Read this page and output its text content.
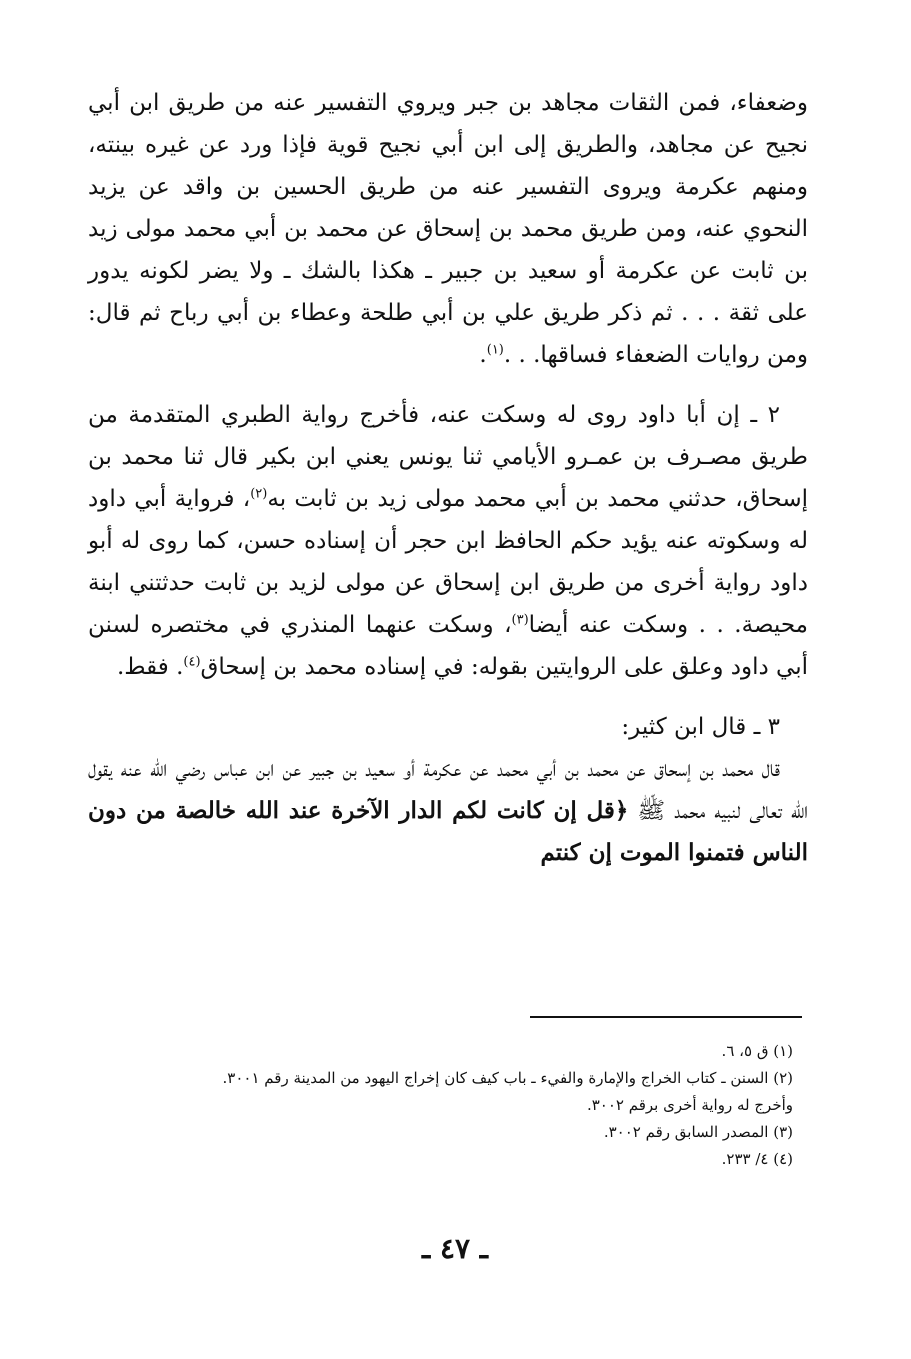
وضعفاء، فمن الثقات مجاهد بن جبر ويروي التفسير عنه من طريق ابن أبي نجيح عن مجاهد، والطريق إلى ابن أبي نجيح قوية فإذا ورد عن غيره بينته، ومنهم عكرمة ويروى التفسير عنه من طريق الحسين بن واقد عن يزيد النحوي عنه، ومن طريق محمد بن إسحاق عن محمد بن أبي محمد مولى زيد بن ثابت عن عكرمة أو سعيد بن جبير ـ هكذا بالشك ـ ولا يضر لكونه يدور على ثقة . . . ثم ذكر طريق علي بن أبي طلحة وعطاء بن أبي رباح ثم قال: ومن روايات الضعفاء فساقها. . .$^{(١)}$.

٢ ـ إن أبا داود روى له وسكت عنه، فأخرج رواية الطبري المتقدمة من طريق مصـرف بن عمـرو الأيامي ثنا يونس يعني ابن بكير قال ثنا محمد بن إسحاق، حدثني محمد بن أبي محمد مولى زيد بن ثابت به$^{(٢)}$، فرواية أبي داود له وسكوته عنه يؤيد حكم الحافظ ابن حجر أن إسناده حسن، كما روى له أبو داود رواية أخرى من طريق ابن إسحاق عن مولى لزيد بن ثابت حدثتني ابنة محيصة. . . وسكت عنه أيضا$^{(٣)}$، وسكت عنهما المنذري في مختصره لسنن أبي داود وعلق على الروايتين بقوله: في إسناده محمد بن إسحاق$^{(٤)}$. فقط.

٣ ـ قال ابن كثير:

قال محمد بن إسحاق عن محمد بن أبي محمد عن عكرمة أو سعيد بن جبير عن ابن عباس رضي الله عنه يقول الله تعالى لنبيه محمد ﷺ ﴿قل إن كانت لكم الدار الآخرة عند الله خالصة من دون الناس فتمنوا الموت إن كنتم

(١) ق ٥، ٦.

(٢) السنن ـ كتاب الخراج والإمارة والفيء ـ باب كيف كان إخراج اليهود من المدينة رقم ٣٠٠١.

وأخرج له رواية أخرى برقم ٣٠٠٢.

(٣) المصدر السابق رقم ٣٠٠٢.

(٤) ٤/ ٢٣٣.

ـ ٤٧ ـ
